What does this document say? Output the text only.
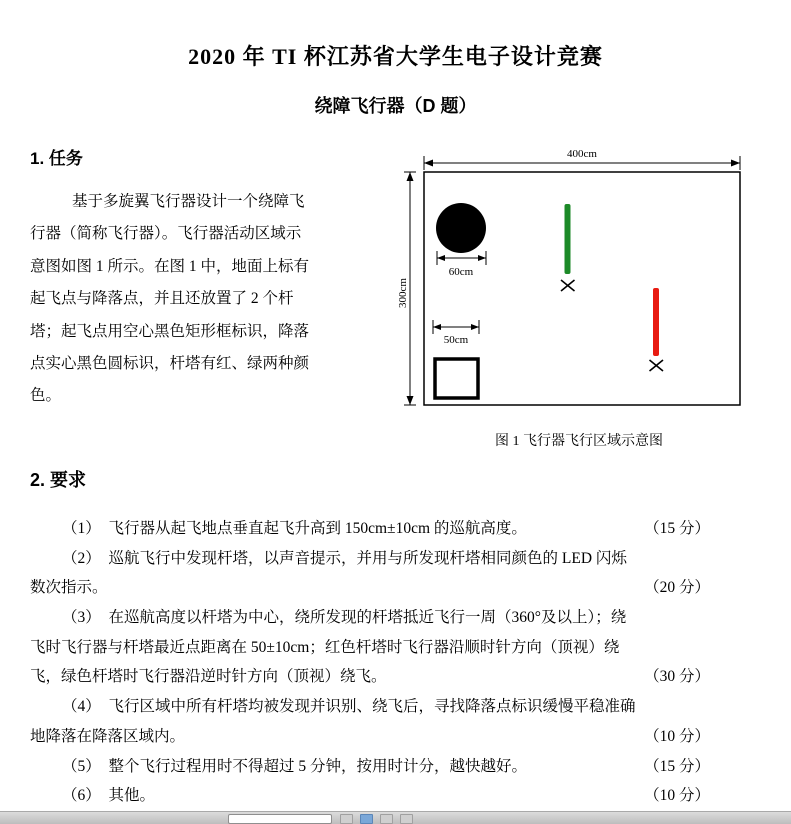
2020 年 TI 杯江苏省大学生电子设计竞赛
绕障飞行器（D 题）
1. 任务
基于多旋翼飞行器设计一个绕障飞
行器（简称飞行器）。飞行器活动区域示
意图如图 1 所示。在图 1 中，地面上标有
起飞点与降落点，并且还放置了 2 个杆
塔；起飞点用空心黑色矩形框标识，降落
点实心黑色圆标识，杆塔有红、绿两种颜
色。
400cm
300cm
60cm
50cm
图 1 飞行器飞行区域示意图
2. 要求
（1）　飞行器从起飞地点垂直起飞升高到 150cm±10cm 的巡航高度。	（15 分）
（2）　巡航飞行中发现杆塔，以声音提示，并用与所发现杆塔相同颜色的 LED 闪烁
数次指示。	（20 分）
（3）　在巡航高度以杆塔为中心，绕所发现的杆塔抵近飞行一周（360°及以上）；绕
飞时飞行器与杆塔最近点距离在 50±10cm；红色杆塔时飞行器沿顺时针方向（顶视）绕
飞，绿色杆塔时飞行器沿逆时针方向（顶视）绕飞。	（30 分）
（4）　飞行区域中所有杆塔均被发现并识别、绕飞后，寻找降落点标识缓慢平稳准确
地降落在降落区域内。	（10 分）
（5）　整个飞行过程用时不得超过 5 分钟，按用时计分，越快越好。	（15 分）
（6）　其他。	（10 分）
